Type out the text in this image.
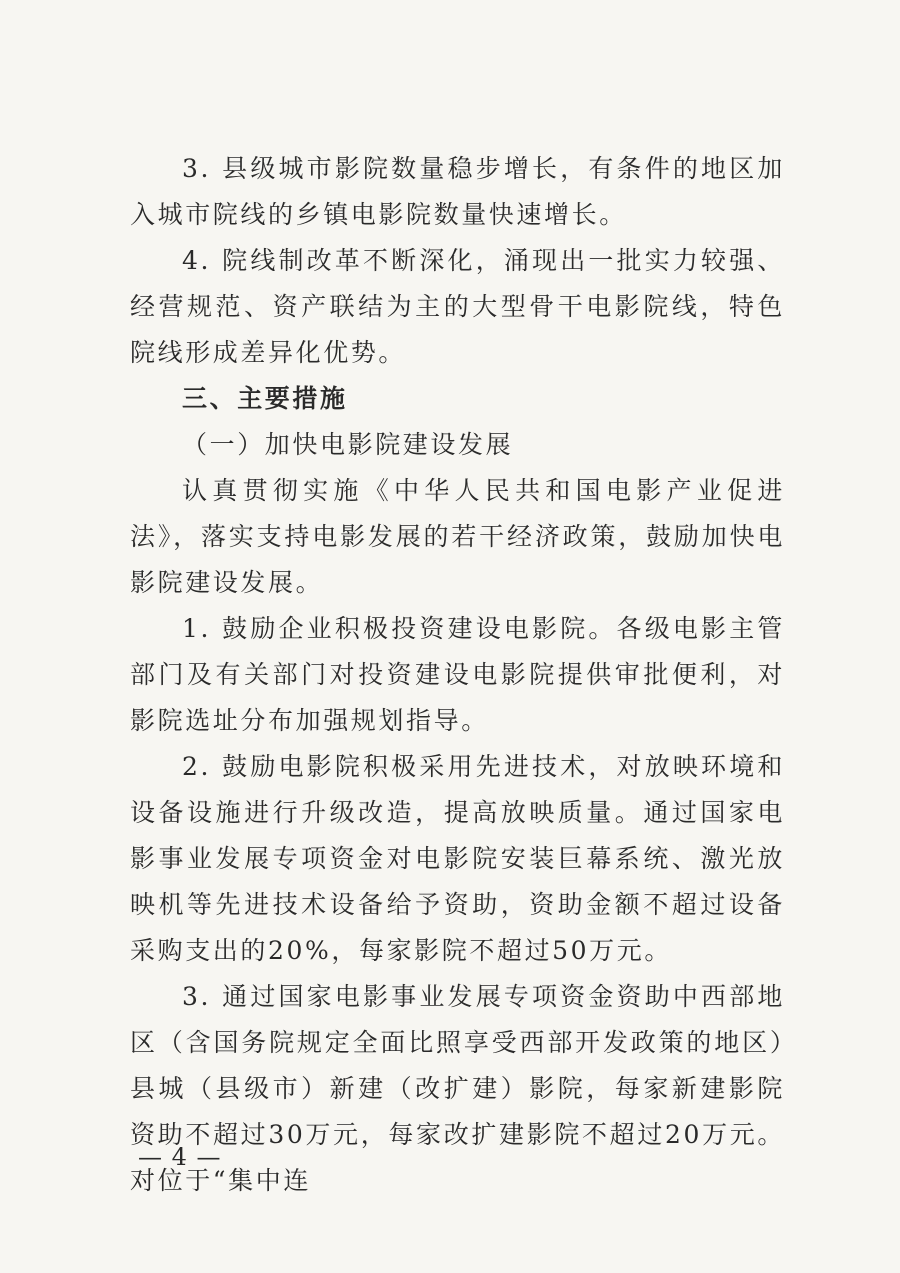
3. 县级城市影院数量稳步增长，有条件的地区加入城市院线的乡镇电影院数量快速增长。

4. 院线制改革不断深化，涌现出一批实力较强、经营规范、资产联结为主的大型骨干电影院线，特色院线形成差异化优势。

三、主要措施

（一）加快电影院建设发展

认真贯彻实施《中华人民共和国电影产业促进法》，落实支持电影发展的若干经济政策，鼓励加快电影院建设发展。

1. 鼓励企业积极投资建设电影院。各级电影主管部门及有关部门对投资建设电影院提供审批便利，对影院选址分布加强规划指导。

2. 鼓励电影院积极采用先进技术，对放映环境和设备设施进行升级改造，提高放映质量。通过国家电影事业发展专项资金对电影院安装巨幕系统、激光放映机等先进技术设备给予资助，资助金额不超过设备采购支出的20%，每家影院不超过50万元。

3. 通过国家电影事业发展专项资金资助中西部地区（含国务院规定全面比照享受西部开发政策的地区）县城（县级市）新建（改扩建）影院，每家新建影院资助不超过30万元，每家改扩建影院不超过20万元。对位于“集中连

— 4 —
